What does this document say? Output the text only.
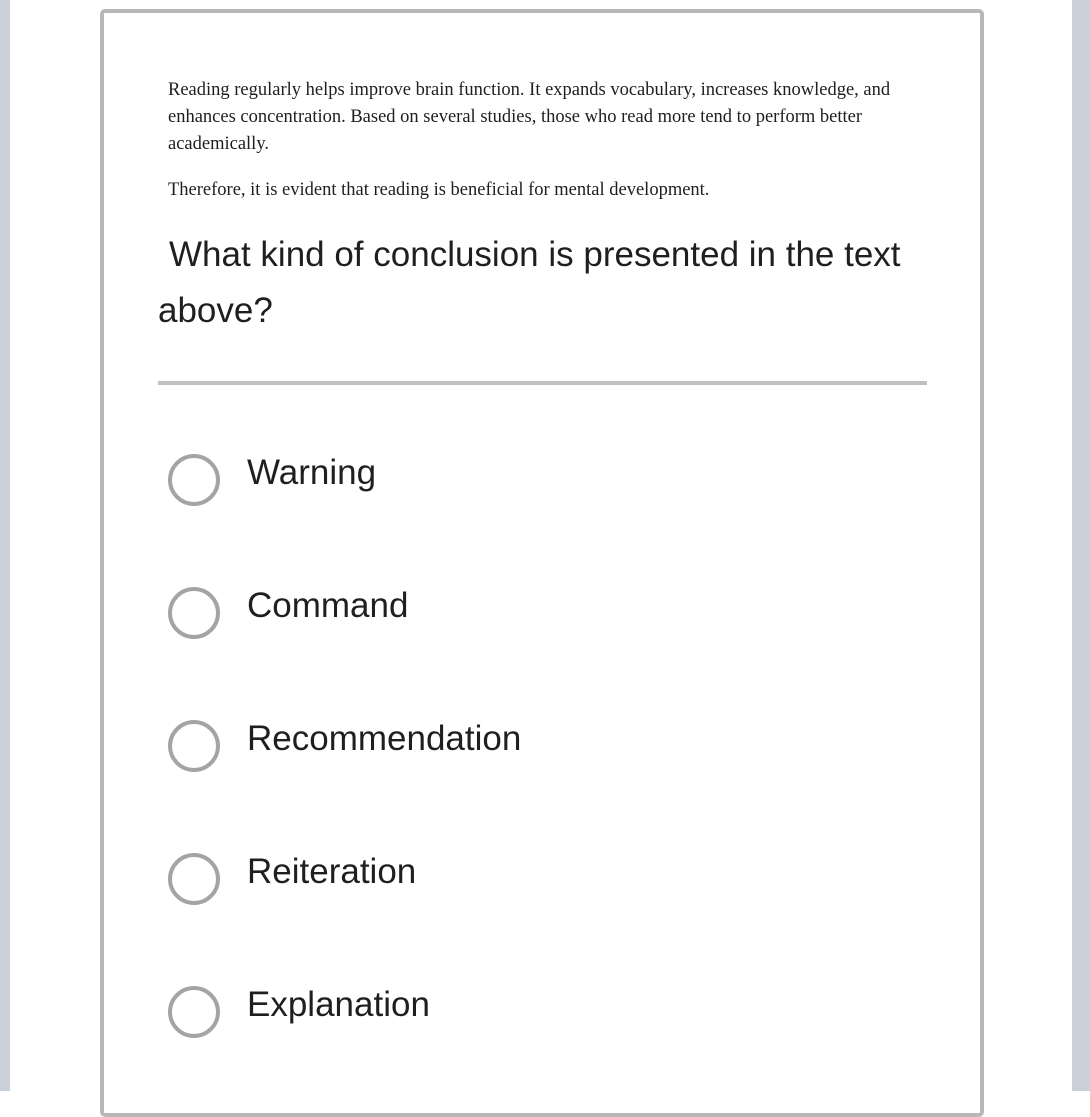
Reading regularly helps improve brain function. It expands vocabulary, increases knowledge, and enhances concentration. Based on several studies, those who read more tend to perform better academically.

Therefore, it is evident that reading is beneficial for mental development.

What kind of conclusion is presented in the text above?
Warning
Command
Recommendation
Reiteration
Explanation
